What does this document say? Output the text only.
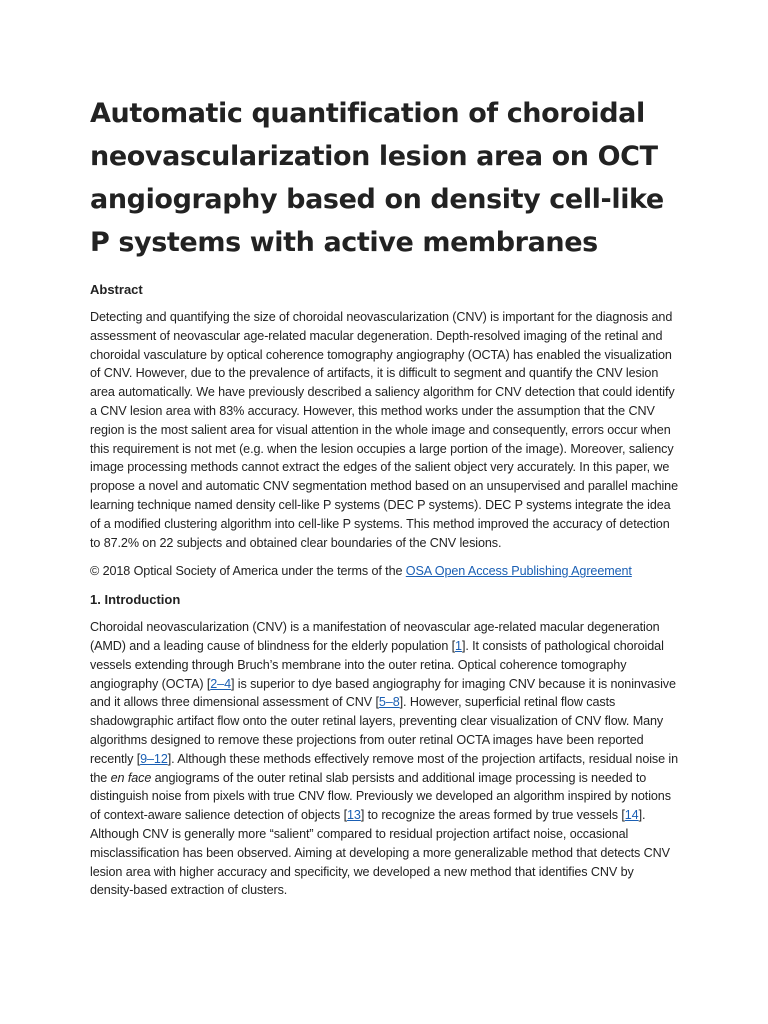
Automatic quantification of choroidal neovascularization lesion area on OCT angiography based on density cell-like P systems with active membranes
Abstract

Detecting and quantifying the size of choroidal neovascularization (CNV) is important for the diagnosis and assessment of neovascular age-related macular degeneration. Depth-resolved imaging of the retinal and choroidal vasculature by optical coherence tomography angiography (OCTA) has enabled the visualization of CNV. However, due to the prevalence of artifacts, it is difficult to segment and quantify the CNV lesion area automatically. We have previously described a saliency algorithm for CNV detection that could identify a CNV lesion area with 83% accuracy. However, this method works under the assumption that the CNV region is the most salient area for visual attention in the whole image and consequently, errors occur when this requirement is not met (e.g. when the lesion occupies a large portion of the image). Moreover, saliency image processing methods cannot extract the edges of the salient object very accurately. In this paper, we propose a novel and automatic CNV segmentation method based on an unsupervised and parallel machine learning technique named density cell-like P systems (DEC P systems). DEC P systems integrate the idea of a modified clustering algorithm into cell-like P systems. This method improved the accuracy of detection to 87.2% on 22 subjects and obtained clear boundaries of the CNV lesions.

© 2018 Optical Society of America under the terms of the OSA Open Access Publishing Agreement

1. Introduction

Choroidal neovascularization (CNV) is a manifestation of neovascular age-related macular degeneration (AMD) and a leading cause of blindness for the elderly population [1]. It consists of pathological choroidal vessels extending through Bruch’s membrane into the outer retina. Optical coherence tomography angiography (OCTA) [2–4] is superior to dye based angiography for imaging CNV because it is noninvasive and it allows three dimensional assessment of CNV [5–8]. However, superficial retinal flow casts shadowgraphic artifact flow onto the outer retinal layers, preventing clear visualization of CNV flow. Many algorithms designed to remove these projections from outer retinal OCTA images have been reported recently [9–12]. Although these methods effectively remove most of the projection artifacts, residual noise in the en face angiograms of the outer retinal slab persists and additional image processing is needed to distinguish noise from pixels with true CNV flow. Previously we developed an algorithm inspired by notions of context-aware salience detection of objects [13] to recognize the areas formed by true vessels [14]. Although CNV is generally more “salient” compared to residual projection artifact noise, occasional misclassification has been observed. Aiming at developing a more generalizable method that detects CNV lesion area with higher accuracy and specificity, we developed a new method that identifies CNV by density-based extraction of clusters.
